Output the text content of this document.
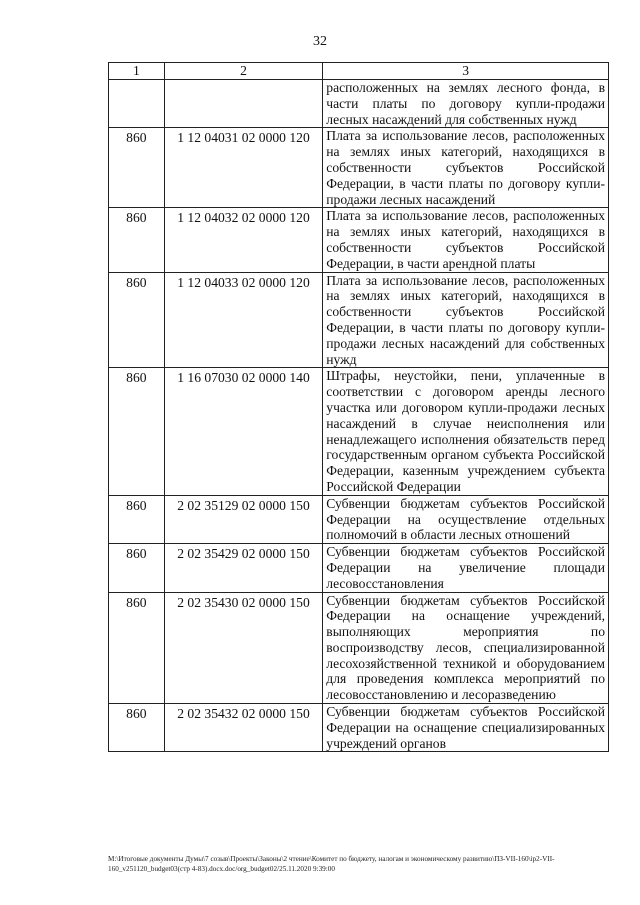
32
1	2	3
		расположенных на землях лесного фонда, в части платы по договору купли-продажи лесных насаждений для собственных нужд
860	1 12 04031 02 0000 120	Плата за использование лесов, расположенных на землях иных категорий, находящихся в собственности субъектов Российской Федерации, в части платы по договору купли-продажи лесных насаждений
860	1 12 04032 02 0000 120	Плата за использование лесов, расположенных на землях иных категорий, находящихся в собственности субъектов Российской Федерации, в части арендной платы
860	1 12 04033 02 0000 120	Плата за использование лесов, расположенных на землях иных категорий, находящихся в собственности субъектов Российской Федерации, в части платы по договору купли-продажи лесных насаждений для собственных нужд
860	1 16 07030 02 0000 140	Штрафы, неустойки, пени, уплаченные в соответствии с договором аренды лесного участка или договором купли-продажи лесных насаждений в случае неисполнения или ненадлежащего исполнения обязательств перед государственным органом субъекта Российской Федерации, казенным учреждением субъекта Российской Федерации
860	2 02 35129 02 0000 150	Субвенции бюджетам субъектов Российской Федерации на осуществление отдельных полномочий в области лесных отношений
860	2 02 35429 02 0000 150	Субвенции бюджетам субъектов Российской Федерации на увеличение площади лесовосстановления
860	2 02 35430 02 0000 150	Субвенции бюджетам субъектов Российской Федерации на оснащение учреждений, выполняющих мероприятия по воспроизводству лесов, специализированной лесохозяйственной техникой и оборудованием для проведения комплекса мероприятий по лесовосстановлению и лесоразведению
860	2 02 35432 02 0000 150	Субвенции бюджетам субъектов Российской Федерации на оснащение специализированных учреждений органов
M:\Итоговые документы Думы\7 созыв\Проекты\Законы\2 чтение\Комитет по бюджету, налогам и экономическому развитию\ПЗ-VII-160\ip2-VII-160_v251120_budget03(стр 4-83).docx.doc/org_budget02/25.11.2020 9:39:00
